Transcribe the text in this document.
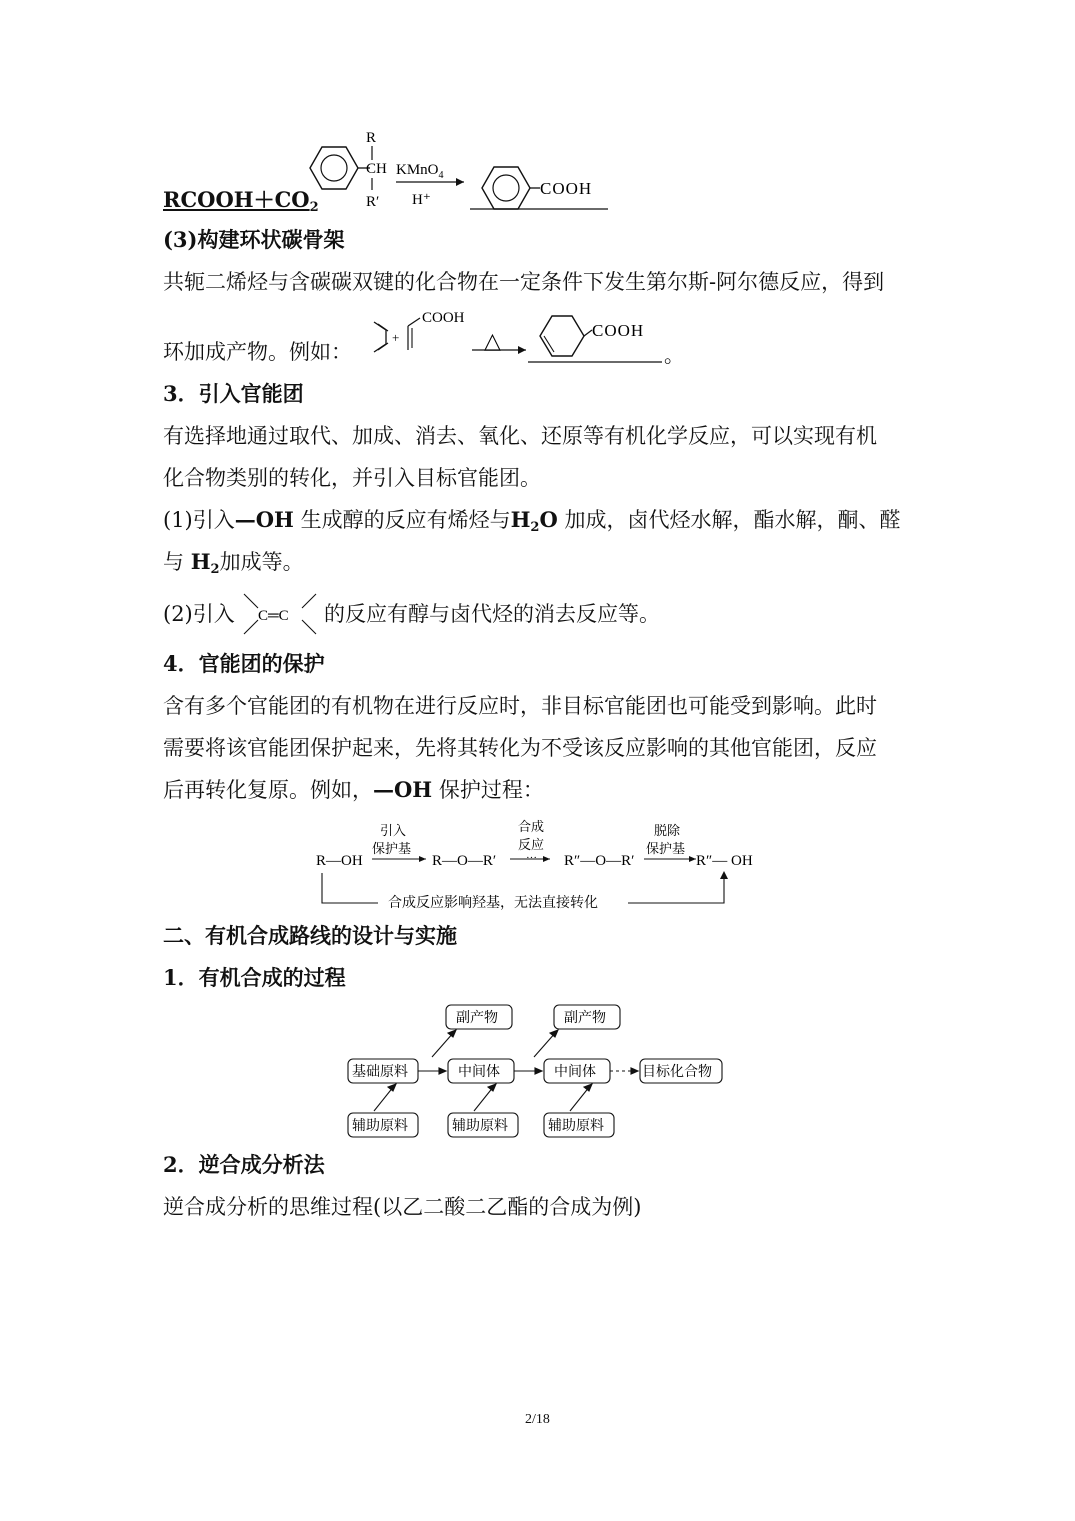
$RCOOH+CO_2$
R
CH
R′
KMnO$_4$
H⁺
COOH
(3)构建环状碳骨架
共轭二烯烃与含碳碳双键的化合物在一定条件下发生第尔斯-阿尔德反应，得到
环加成产物。例如：
+
COOH
△	COOH
。
3．引入官能团
有选择地通过取代、加成、消去、氧化、还原等有机化学反应，可以实现有机
化合物类别的转化，并引入目标官能团。
(1)引入—OH 生成醇的反应有烯烃与$H_2O$ 加成，卤代烃水解，酯水解，酮、醛
与 $H_2$加成等。
(2)引入 C═C 的反应有醇与卤代烃的消去反应等。
4．官能团的保护
含有多个官能团的有机物在进行反应时，非目标官能团也可能受到影响。此时
需要将该官能团保护起来，先将其转化为不受该反应影响的其他官能团，反应
后再转化复原。例如，—OH 保护过程：
R—OH
引入
保护基
R—O—R′
合成
反应
··· R″—O—R′
脱除
保护基
R″— OH
合成反应影响羟基，无法直接转化
二、有机合成路线的设计与实施
1．有机合成的过程
副产物	副产物
基础原料	中间体	中间体	目标化合物
辅助原料	辅助原料	辅助原料
2．逆合成分析法
逆合成分析的思维过程(以乙二酸二乙酯的合成为例)
2/18
